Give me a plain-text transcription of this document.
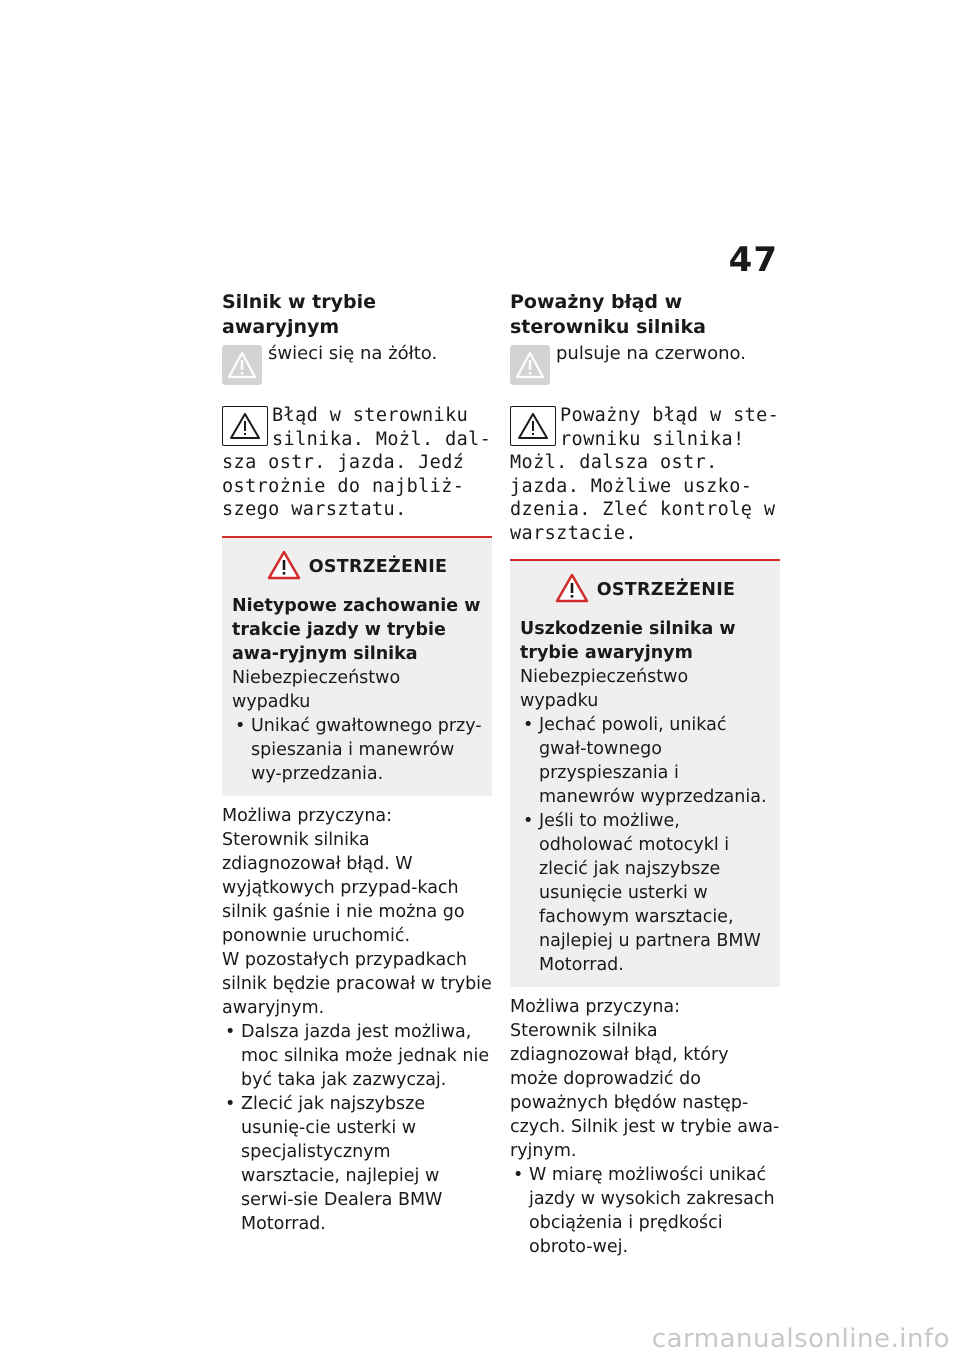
47
Silnik w trybie awaryjnym
świeci się na żółto.
Błąd w sterowniku
silnika. Możl. dal-
sza ostr. jazda. Jedź
ostrożnie do najbliż-
szego warsztatu.
OSTRZEŻENIE
Nietypowe zachowanie w trakcie jazdy w trybie awa-ryjnym silnika
Niebezpieczeństwo wypadku
• Unikać gwałtownego przy-spieszania i manewrów wy-przedzania.
Możliwa przyczyna:
Sterownik silnika zdiagnozował błąd. W wyjątkowych przypad-kach silnik gaśnie i nie można go ponownie uruchomić.
W pozostałych przypadkach silnik będzie pracował w trybie awaryjnym.
• Dalsza jazda jest możliwa, moc silnika może jednak nie być taka jak zazwyczaj.
• Zlecić jak najszybsze usunię-cie usterki w specjalistycznym warsztacie, najlepiej w serwi-sie Dealera BMW Motorrad.
Poważny błąd w sterowniku silnika
pulsuje na czerwono.
Poważny błąd w ste-
rowniku silnika!
Możl. dalsza ostr.
jazda. Możliwe uszko-
dzenia. Zleć kontrolę w
warsztacie.
OSTRZEŻENIE
Uszkodzenie silnika w trybie awaryjnym
Niebezpieczeństwo wypadku
• Jechać powoli, unikać gwał-townego przyspieszania i manewrów wyprzedzania.
• Jeśli to możliwe, odholować motocykl i zlecić jak najszybsze usunięcie usterki w fachowym warsztacie, najlepiej u partnera BMW Motorrad.
Możliwa przyczyna:
Sterownik silnika zdiagnozował błąd, który może doprowadzić do poważnych błędów następ-czych. Silnik jest w trybie awa-ryjnym.
• W miarę możliwości unikać jazdy w wysokich zakresach obciążenia i prędkości obroto-wej.
carmanualsonline.info
